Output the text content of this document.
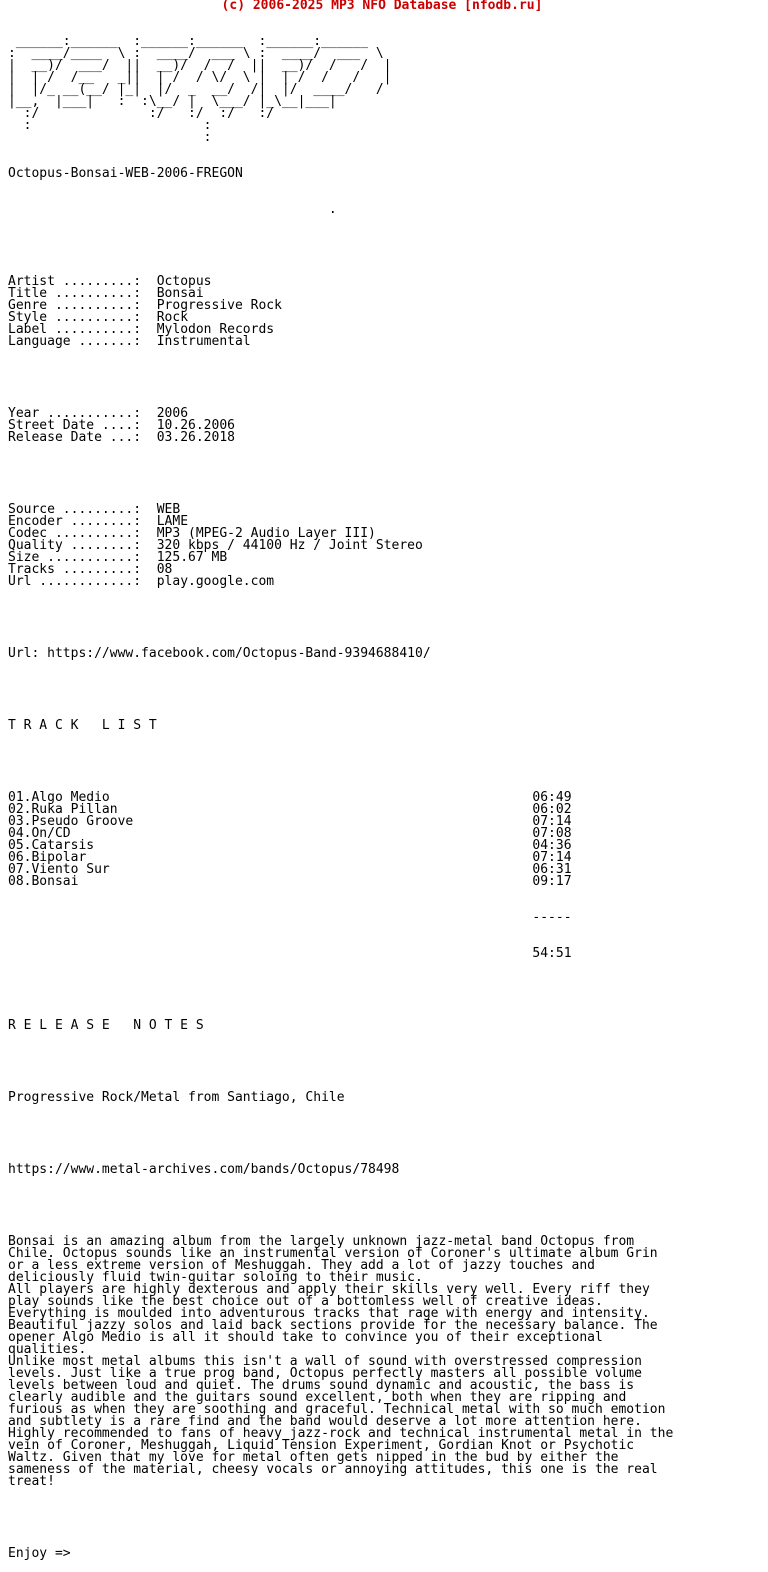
(c) 2006-2025 MP3 NFO Database [nfodb.ru]

______:______  :______:______  :______:______
:  ____/____  \ :  ____/  ___ \ :  ____/  ___  \
|  __)/  ___/  ||  __)/  /  /  ||  __)/  /   /  |
|  | /  /__   _||  | /  / \/  \ |  | /  /   /   |
|  |/_ __(__/ |_|  |/  _  __/  /|  |/  ____/   /
|__,  |___|   :  :\__/ |  \___/ |_\__|___|
:/              :/   :/  :/   :/
:                      :
:

Octopus-Bonsai-WEB-2006-FREGON

.

Artist .........: Octopus
Title ..........: Bonsai
Genre ..........: Progressive Rock
Style ..........: Rock
Label ..........: Mylodon Records
Language .......: Instrumental

Year ...........: 2006
Street Date ....: 10.26.2006
Release Date ...: 03.26.2018

Source .........: WEB
Encoder ........: LAME
Codec ..........: MP3 (MPEG-2 Audio Layer III)
Quality ........: 320 kbps / 44100 Hz / Joint Stereo
Size ...........: 125.67 MB
Tracks .........: 08
Url ............: play.google.com

Url: https://www.facebook.com/Octopus-Band-9394688410/

T R A C K   L I S T

01.Algo Medio	06:49
02.Ruka Pillan	06:02
03.Pseudo Groove	07:14
04.On/CD	07:08
05.Catarsis	04:36
06.Bipolar	07:14
07.Viento Sur	06:31
08.Bonsai	09:17

-----

54:51

R E L E A S E   N O T E S

Progressive Rock/Metal from Santiago, Chile

https://www.metal-archives.com/bands/Octopus/78498

Bonsai is an amazing album from the largely unknown jazz-metal band Octopus from
Chile. Octopus sounds like an instrumental version of Coroner's ultimate album Grin
or a less extreme version of Meshuggah. They add a lot of jazzy touches and
deliciously fluid twin-guitar soloing to their music.
All players are highly dexterous and apply their skills very well. Every riff they
play sounds like the best choice out of a bottomless well of creative ideas.
Everything is moulded into adventurous tracks that rage with energy and intensity.
Beautiful jazzy solos and laid back sections provide for the necessary balance. The
opener Algo Medio is all it should take to convince you of their exceptional
qualities.
Unlike most metal albums this isn't a wall of sound with overstressed compression
levels. Just like a true prog band, Octopus perfectly masters all possible volume
levels between loud and quiet. The drums sound dynamic and acoustic, the bass is
clearly audible and the guitars sound excellent, both when they are ripping and
furious as when they are soothing and graceful. Technical metal with so much emotion
and subtlety is a rare find and the band would deserve a lot more attention here.
Highly recommended to fans of heavy jazz-rock and technical instrumental metal in the
vein of Coroner, Meshuggah, Liquid Tension Experiment, Gordian Knot or Psychotic
Waltz. Given that my love for metal often gets nipped in the bud by either the
sameness of the material, cheesy vocals or annoying attitudes, this one is the real
treat!

Enjoy =>
